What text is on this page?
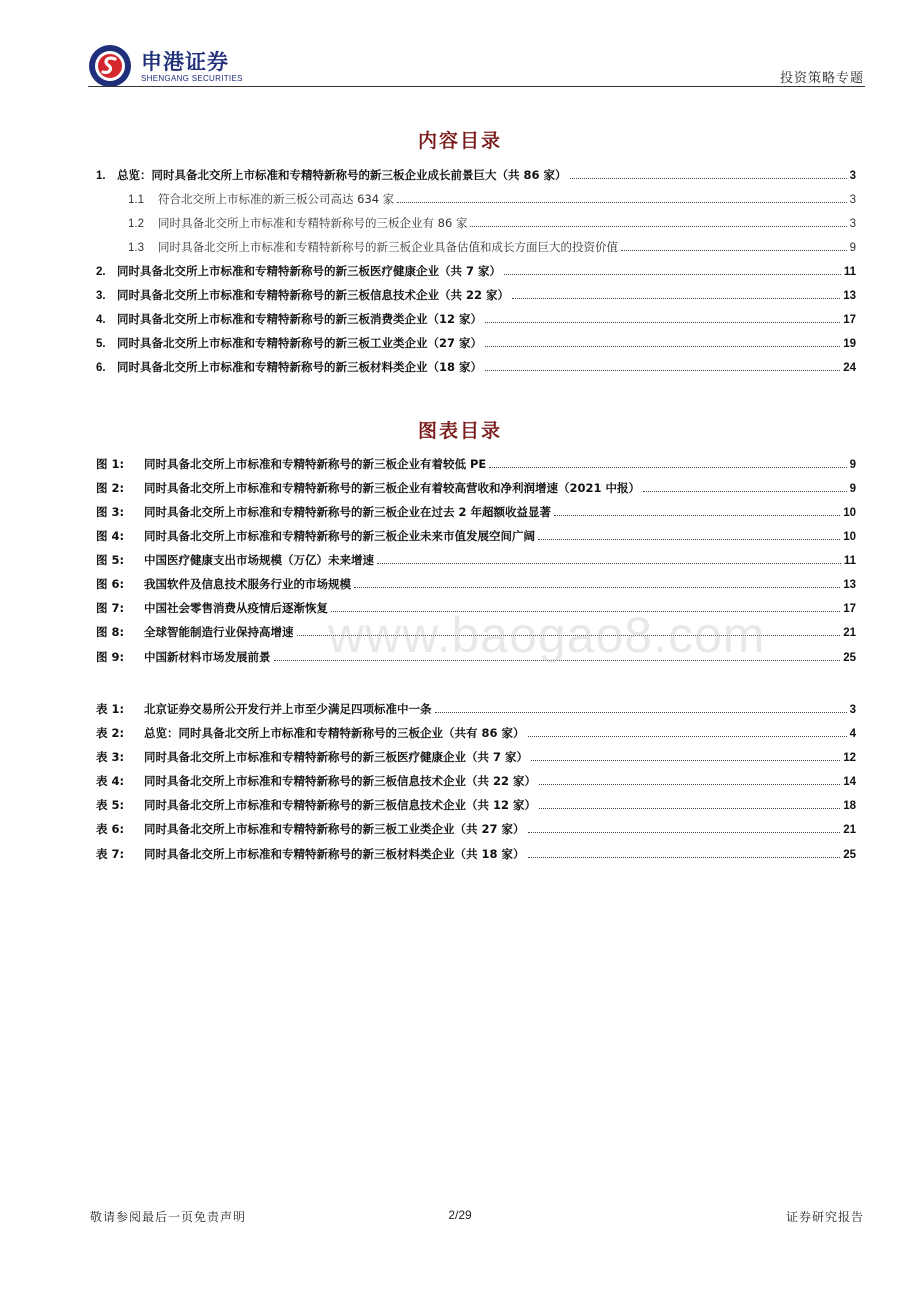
申港证券
SHENGANG SECURITIES	投资策略专题
内容目录
1. 总览：同时具备北交所上市标准和专精特新称号的新三板企业成长前景巨大（共 86 家）	3
1.1	符合北交所上市标准的新三板公司高达 634 家	3
1.2	同时具备北交所上市标准和专精特新称号的三板企业有 86 家	3
1.3	同时具备北交所上市标准和专精特新称号的新三板企业具备估值和成长方面巨大的投资价值	9
2. 同时具备北交所上市标准和专精特新称号的新三板医疗健康企业（共 7 家）	11
3. 同时具备北交所上市标准和专精特新称号的新三板信息技术企业（共 22 家）	13
4. 同时具备北交所上市标准和专精特新称号的新三板消费类企业（12 家）	17
5. 同时具备北交所上市标准和专精特新称号的新三板工业类企业（27 家）	19
6. 同时具备北交所上市标准和专精特新称号的新三板材料类企业（18 家）	24
图表目录
图 1:	同时具备北交所上市标准和专精特新称号的新三板企业有着较低 PE	9
图 2:	同时具备北交所上市标准和专精特新称号的新三板企业有着较高营收和净利润增速（2021 中报）	9
图 3:	同时具备北交所上市标准和专精特新称号的新三板企业在过去 2 年超额收益显著	10
图 4:	同时具备北交所上市标准和专精特新称号的新三板企业未来市值发展空间广阔	10
图 5:	中国医疗健康支出市场规模（万亿）未来增速	11
图 6:	我国软件及信息技术服务行业的市场规模	13
图 7:	中国社会零售消费从疫情后逐渐恢复	17
图 8:	全球智能制造行业保持高增速	21
图 9:	中国新材料市场发展前景	25
表 1:	北京证券交易所公开发行并上市至少满足四项标准中一条	3
表 2:	总览：同时具备北交所上市标准和专精特新称号的三板企业（共有 86 家）	4
表 3:	同时具备北交所上市标准和专精特新称号的新三板医疗健康企业（共 7 家）	12
表 4:	同时具备北交所上市标准和专精特新称号的新三板信息技术企业（共 22 家）	14
表 5:	同时具备北交所上市标准和专精特新称号的新三板信息技术企业（共 12 家）	18
表 6:	同时具备北交所上市标准和专精特新称号的新三板工业类企业（共 27 家）	21
表 7:	同时具备北交所上市标准和专精特新称号的新三板材料类企业（共 18 家）	25
www.baogao8.com
敬请参阅最后一页免责声明	2/29	证券研究报告
